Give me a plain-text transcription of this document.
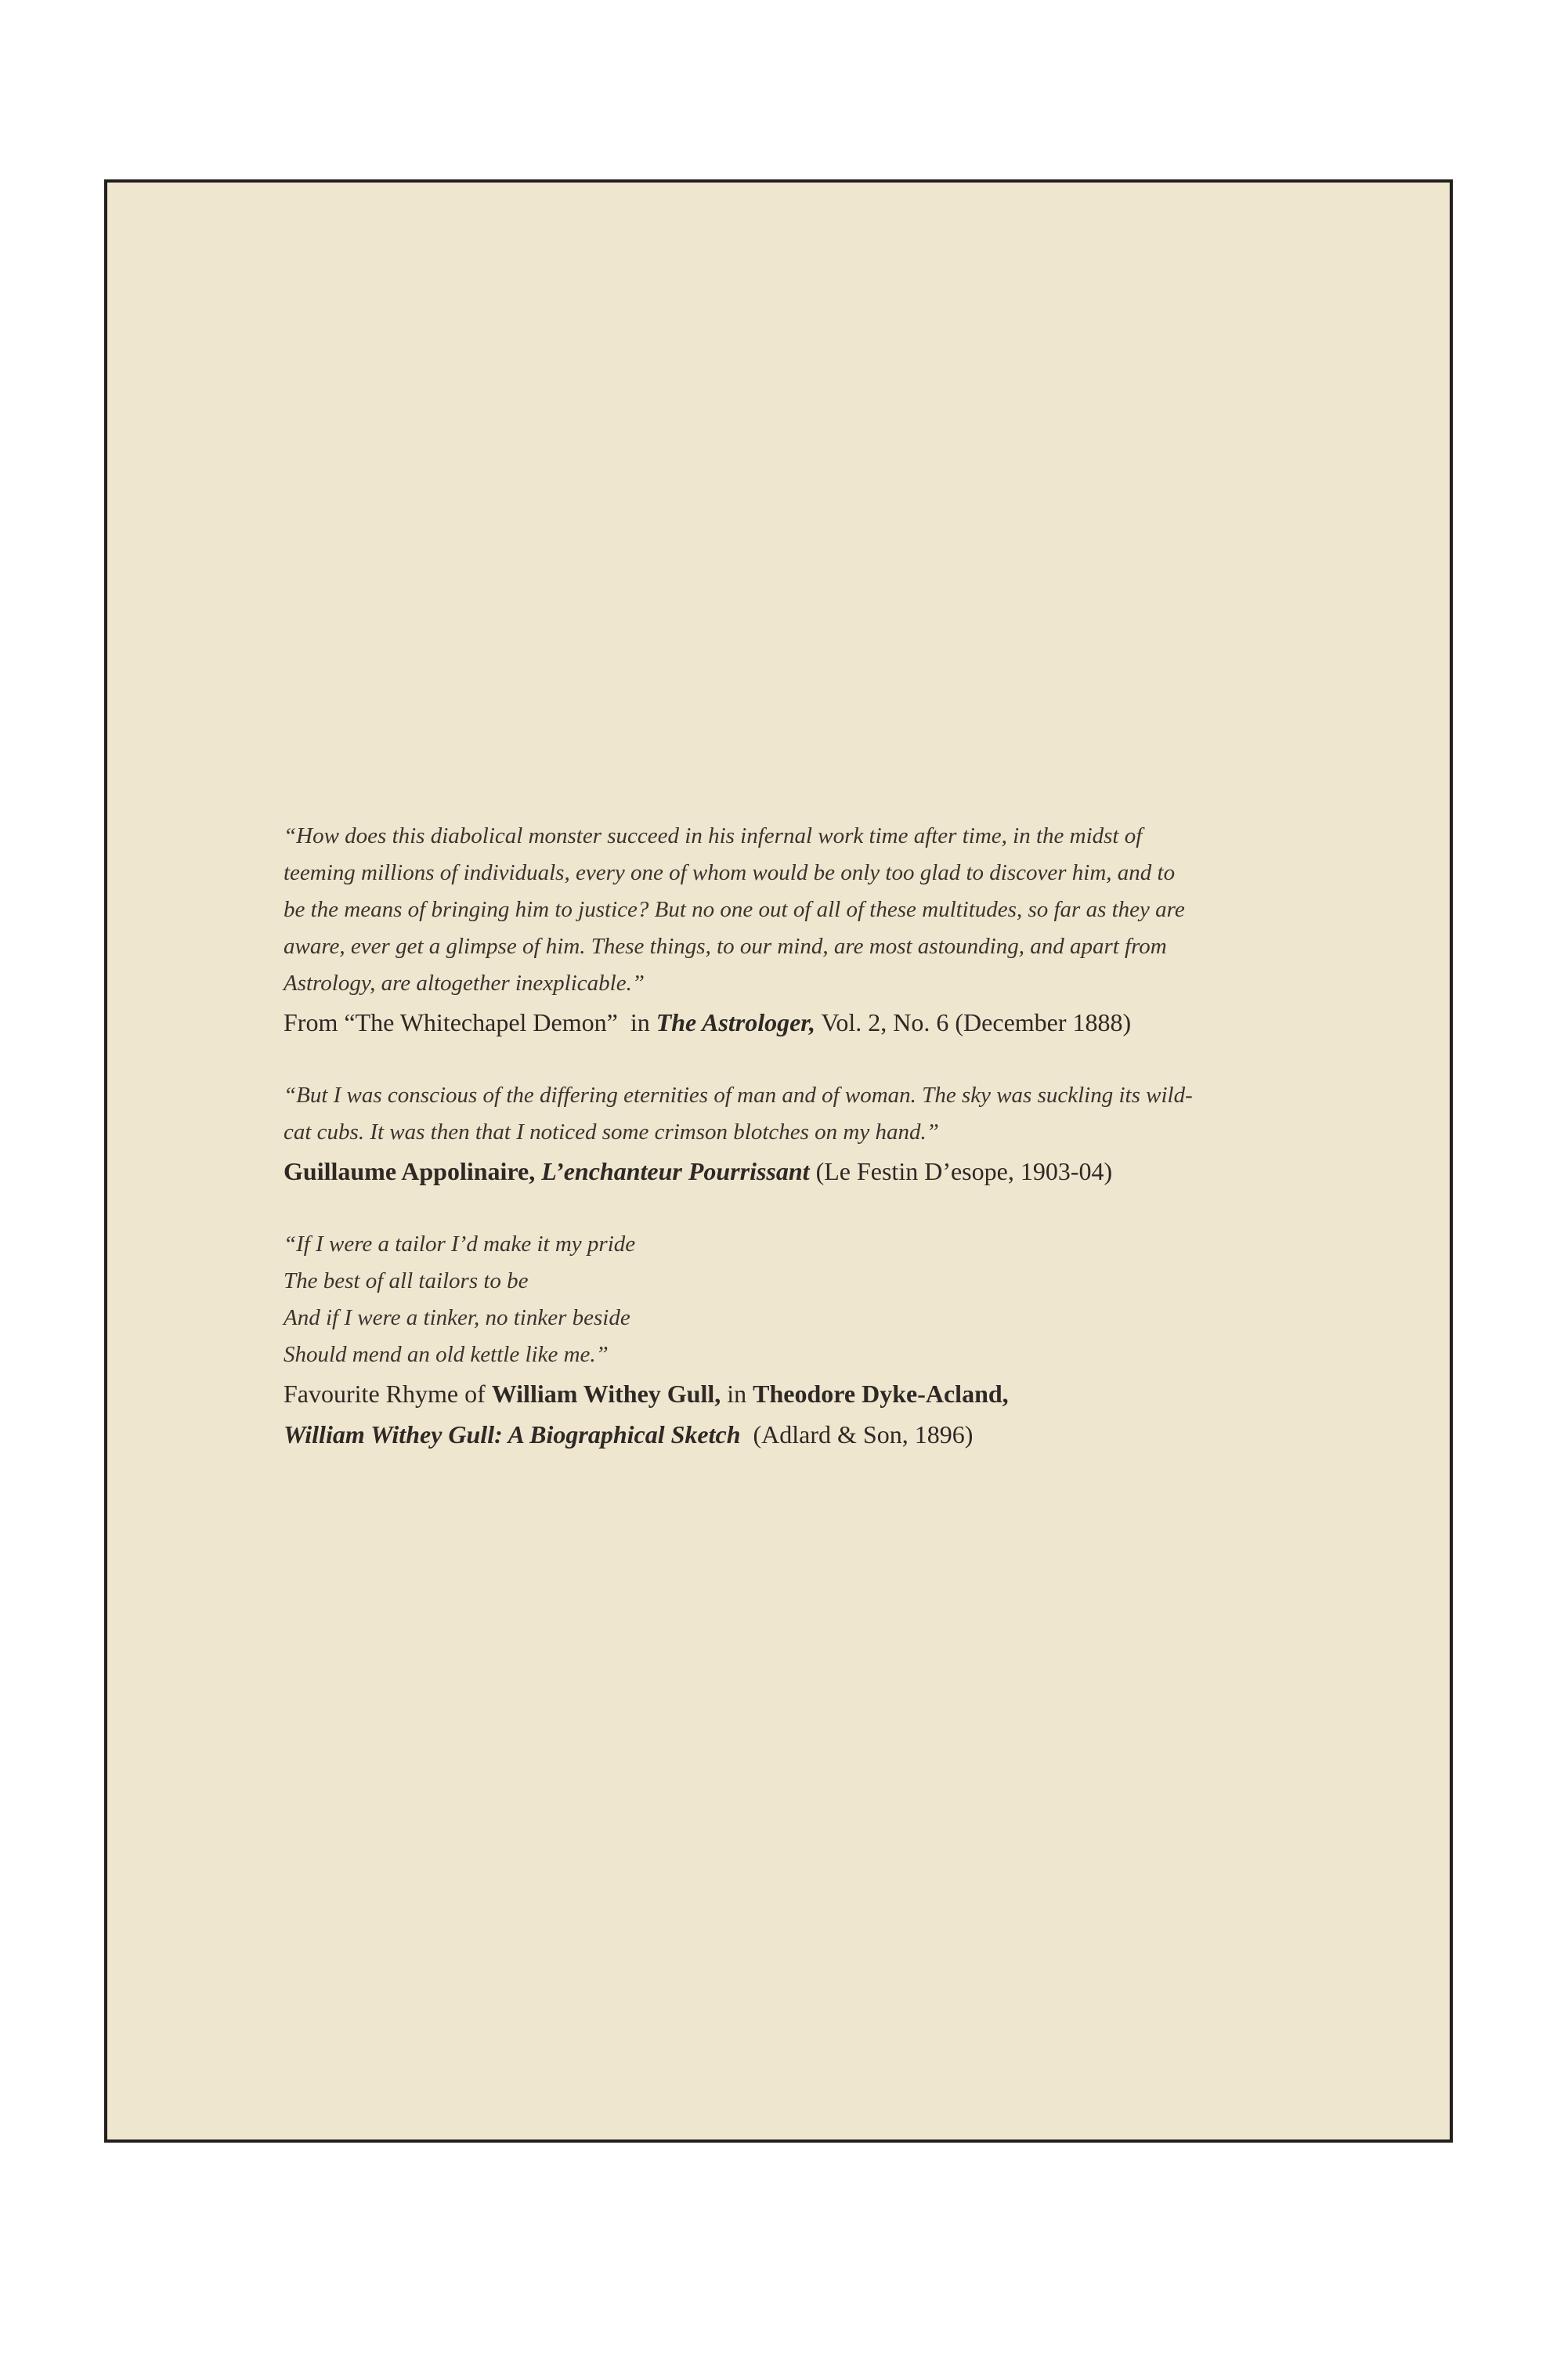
“How does this diabolical monster succeed in his infernal work time after time, in the midst of
teeming millions of individuals, every one of whom would be only too glad to discover him, and to
be the means of bringing him to justice? But no one out of all of these multitudes, so far as they are
aware, ever get a glimpse of him. These things, to our mind, are most astounding, and apart from
Astrology, are altogether inexplicable.”

From “The Whitechapel Demon”  in The Astrologer, Vol. 2, No. 6 (December 1888)

“But I was conscious of the differing eternities of man and of woman. The sky was suckling its wild-
cat cubs. It was then that I noticed some crimson blotches on my hand.”

Guillaume Appolinaire, L’enchanteur Pourrissant (Le Festin D’esope, 1903-04)

“If I were a tailor I’d make it my pride
The best of all tailors to be
And if I were a tinker, no tinker beside
Should mend an old kettle like me.”

Favourite Rhyme of William Withey Gull, in Theodore Dyke-Acland,
William Withey Gull: A Biographical Sketch  (Adlard & Son, 1896)
